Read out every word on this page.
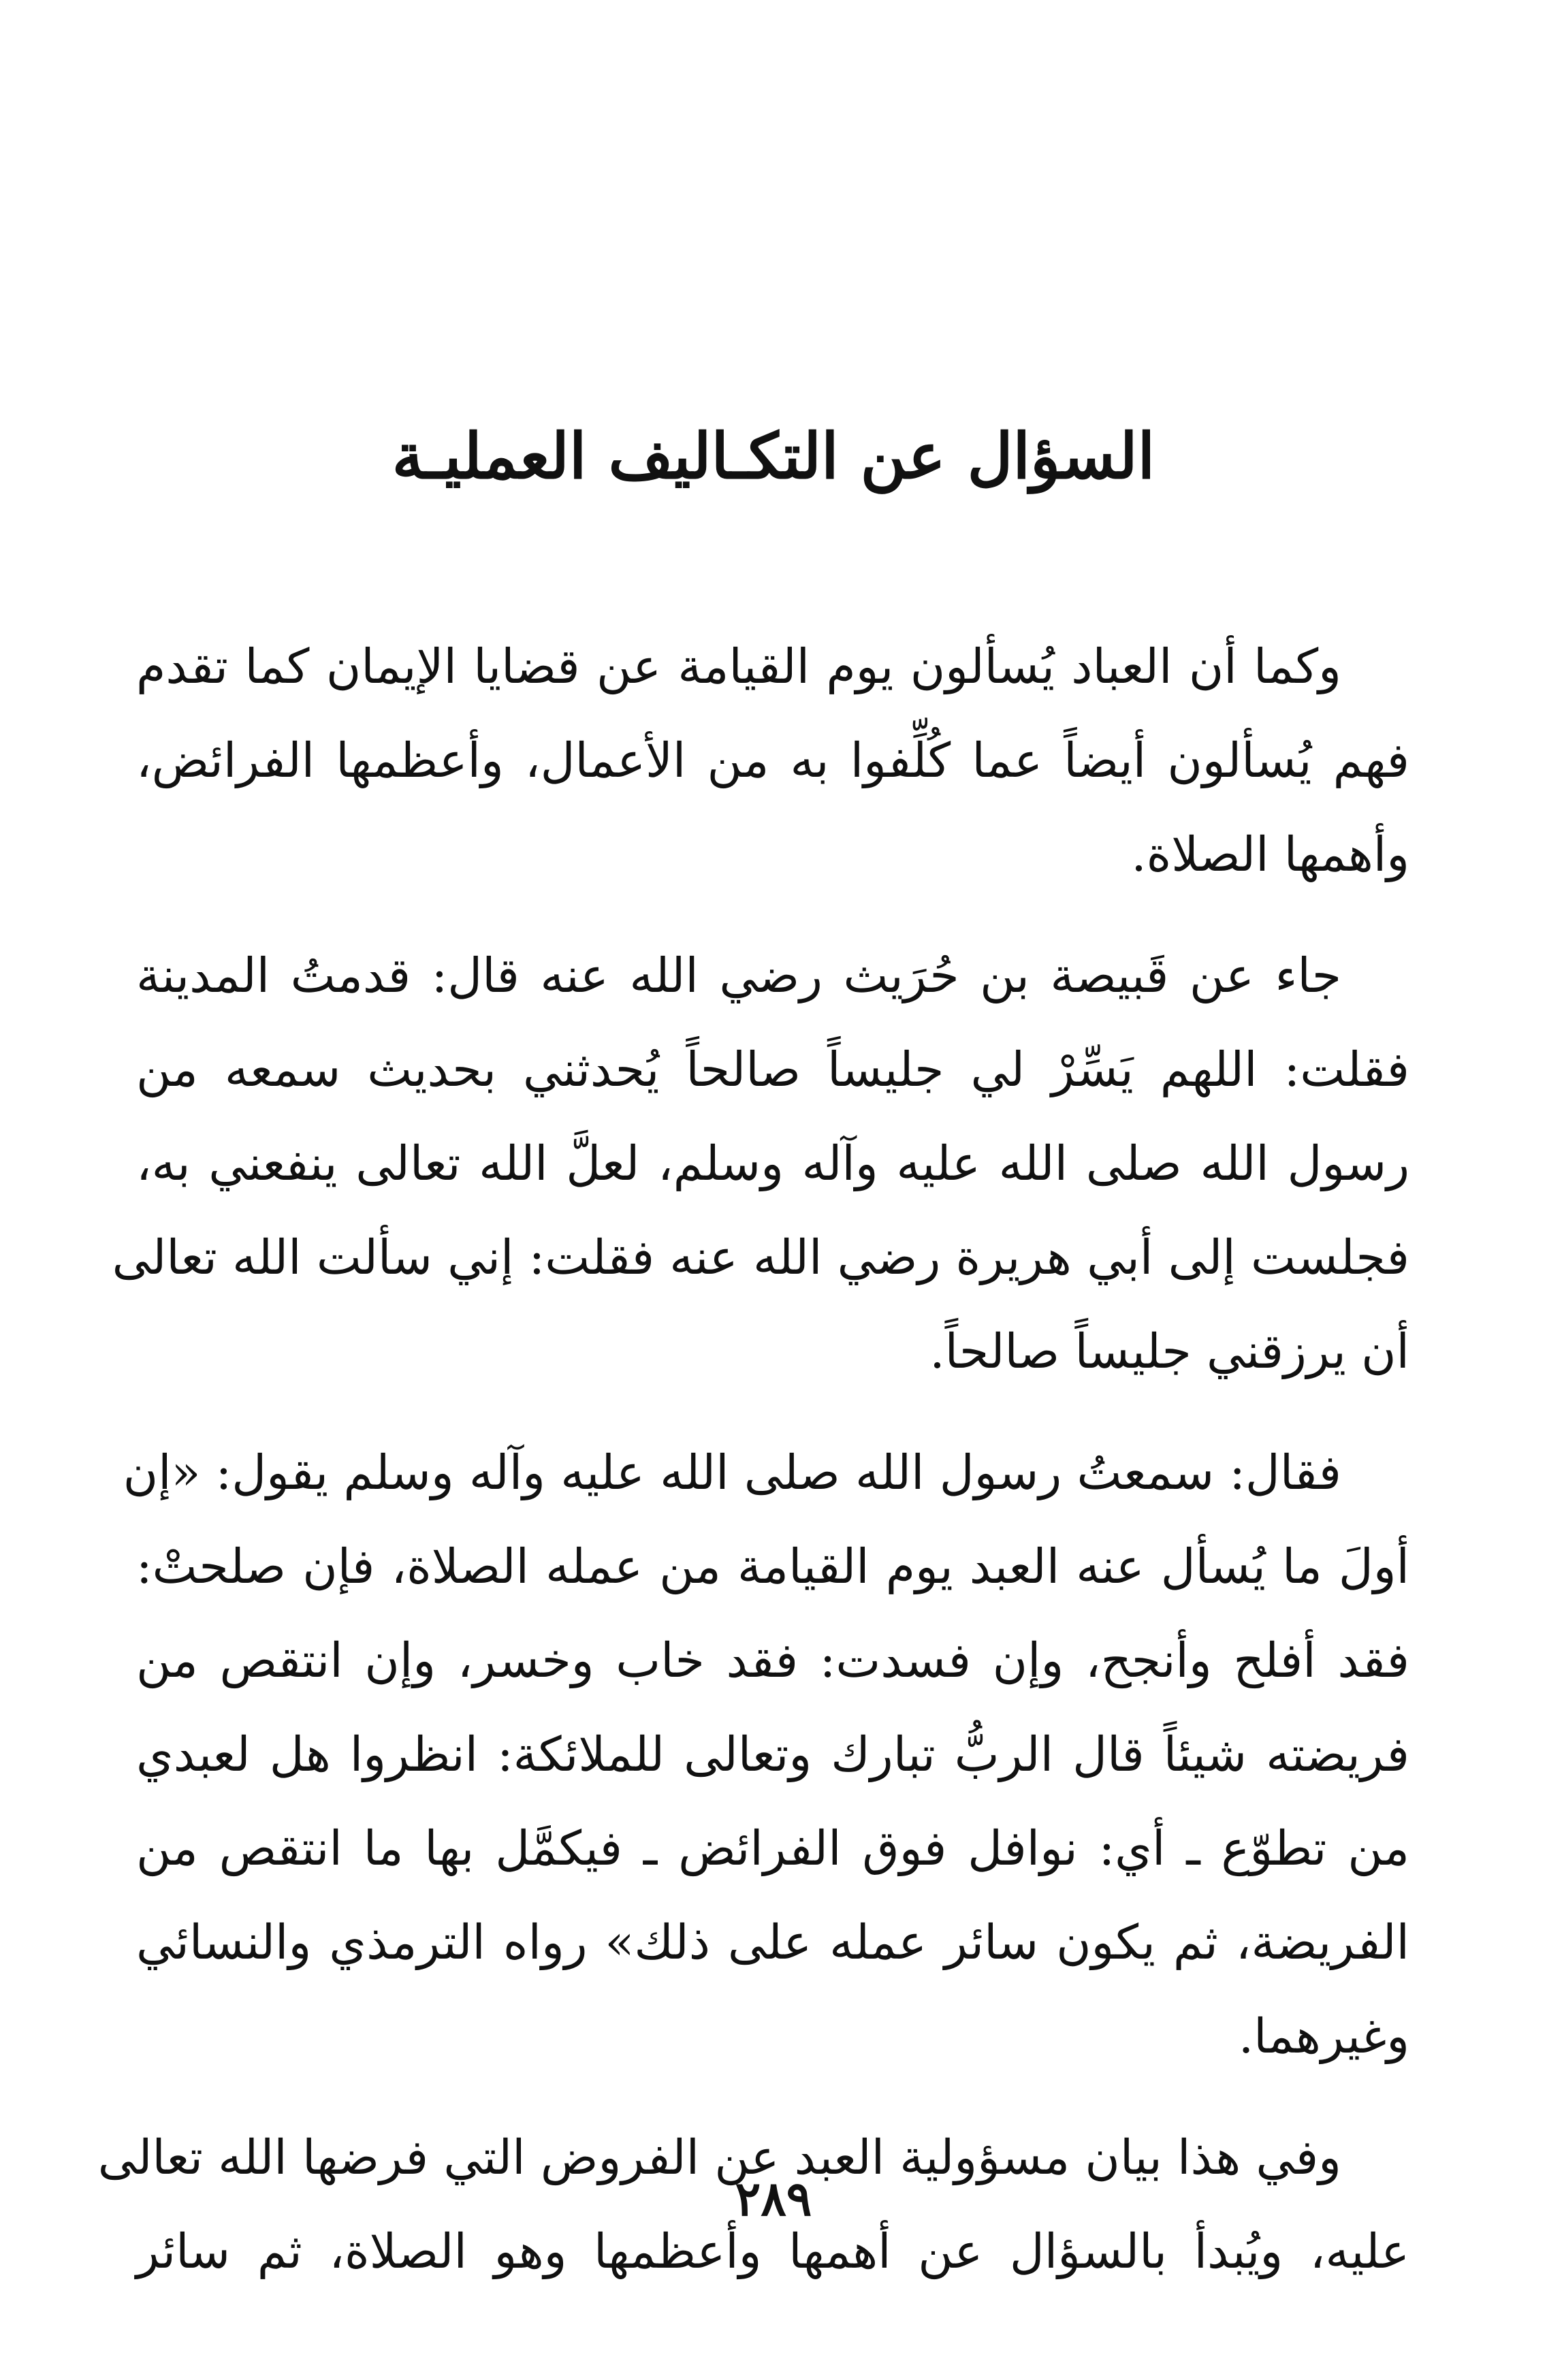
السؤال عن التكـاليف العمليـة

وكما أن العباد يُسألون يوم القيامة عن قضايا الإيمان كما تقدم
فهم يُسألون أيضاً عما كُلِّفوا به من الأعمال، وأعظمها الفرائض،
وأهمها الصلاة.

جاء عن قَبيصة بن حُرَيث رضي الله عنه قال: قدمتُ المدينة
فقلت: اللهم يَسِّرْ لي جليساً صالحاً يُحدثني بحديث سمعه من
رسول الله صلى الله عليه وآله وسلم، لعلَّ الله تعالى ينفعني به،
فجلست إلى أبي هريرة رضي الله عنه فقلت: إني سألت الله تعالى
أن يرزقني جليساً صالحاً.

فقال: سمعتُ رسول الله صلى الله عليه وآله وسلم يقول: «إن
أولَ ما يُسأل عنه العبد يوم القيامة من عمله الصلاة، فإن صلحتْ:
فقد أفلح وأنجح، وإن فسدت: فقد خاب وخسر، وإن انتقص من
فريضته شيئاً قال الربُّ تبارك وتعالى للملائكة: انظروا هل لعبدي
من تطوّع ـ أي: نوافل فوق الفرائض ـ فيكمَّل بها ما انتقص من
الفريضة، ثم يكون سائر عمله على ذلك» رواه الترمذي والنسائي
وغيرهما.

وفي هذا بيان مسؤولية العبد عن الفروض التي فرضها الله تعالى
عليه، ويُبدأ بالسؤال عن أهمها وأعظمها وهو الصلاة، ثم سائر

٢٨٩
